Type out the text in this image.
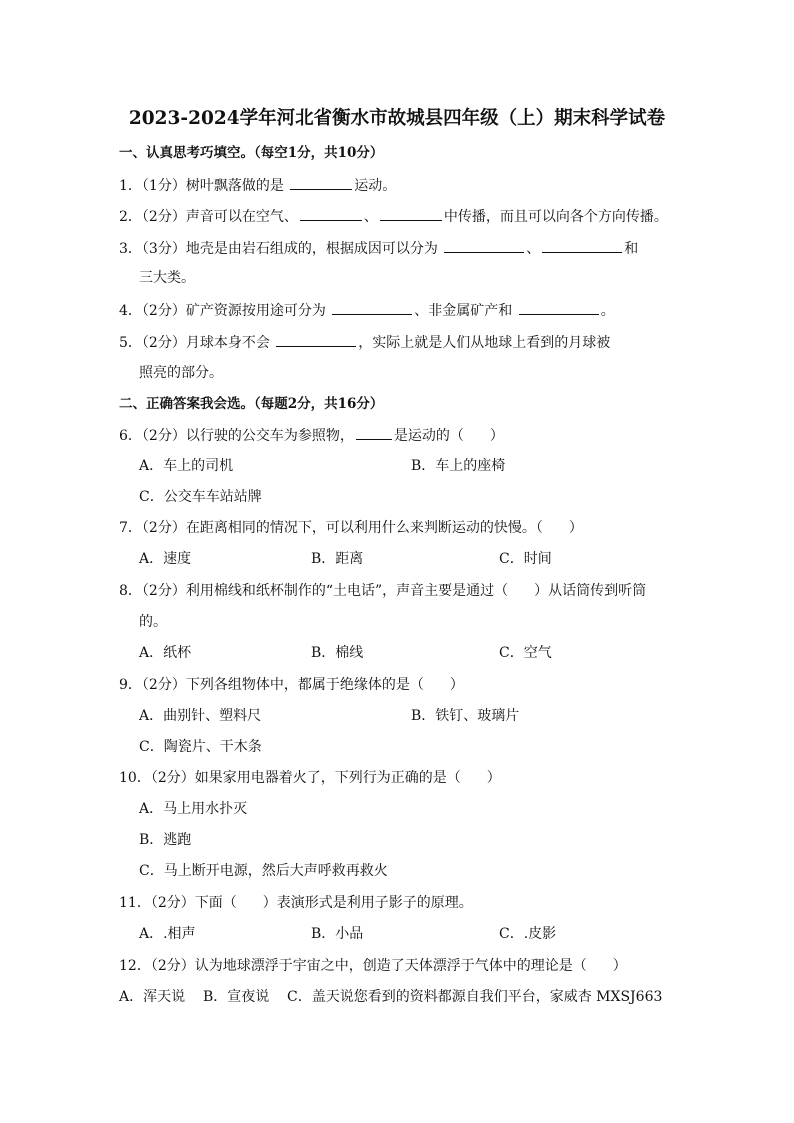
2023-2024学年河北省衡水市故城县四年级（上）期末科学试卷
一、认真思考巧填空。（每空1分，共10分）
1．（1分）树叶飘落做的是	运动。
2．（2分）声音可以在空气、	、	中传播，而且可以向各个方向传播。
3．（3分）地壳是由岩石组成的，根据成因可以分为	、	和
三大类。
4．（2分）矿产资源按用途可分为	、非金属矿产和	。
5．（2分）月球本身不会	，实际上就是人们从地球上看到的月球被
照亮的部分。
二、正确答案我会选。（每题2分，共16分）
6．（2分）以行驶的公交车为参照物，	是运动的（ ）
A．车上的司机	B．车上的座椅
C．公交车车站站牌
7．（2分）在距离相同的情况下，可以利用什么来判断运动的快慢。（ ）
A．速度	B．距离	C．时间
8．（2分）利用棉线和纸杯制作的“土电话”，声音主要是通过（ ）从话筒传到听筒
的。
A．纸杯	B．棉线	C．空气
9．（2分）下列各组物体中，都属于绝缘体的是（ ）
A．曲别针、塑料尺	B．铁钉、玻璃片
C．陶瓷片、干木条
10．（2分）如果家用电器着火了，下列行为正确的是（ ）
A．马上用水扑灭
B．逃跑
C．马上断开电源，然后大声呼救再救火
11．（2分）下面（ ）表演形式是利用子影子的原理。
A．.相声	B．小品	C．.皮影
12．（2分）认为地球漂浮于宇宙之中，创造了天体漂浮于气体中的理论是（ ）
A．浑天说 B．宣夜说 C．盖天说您看到的资料都源自我们平台，家威杏 MXSJ663
